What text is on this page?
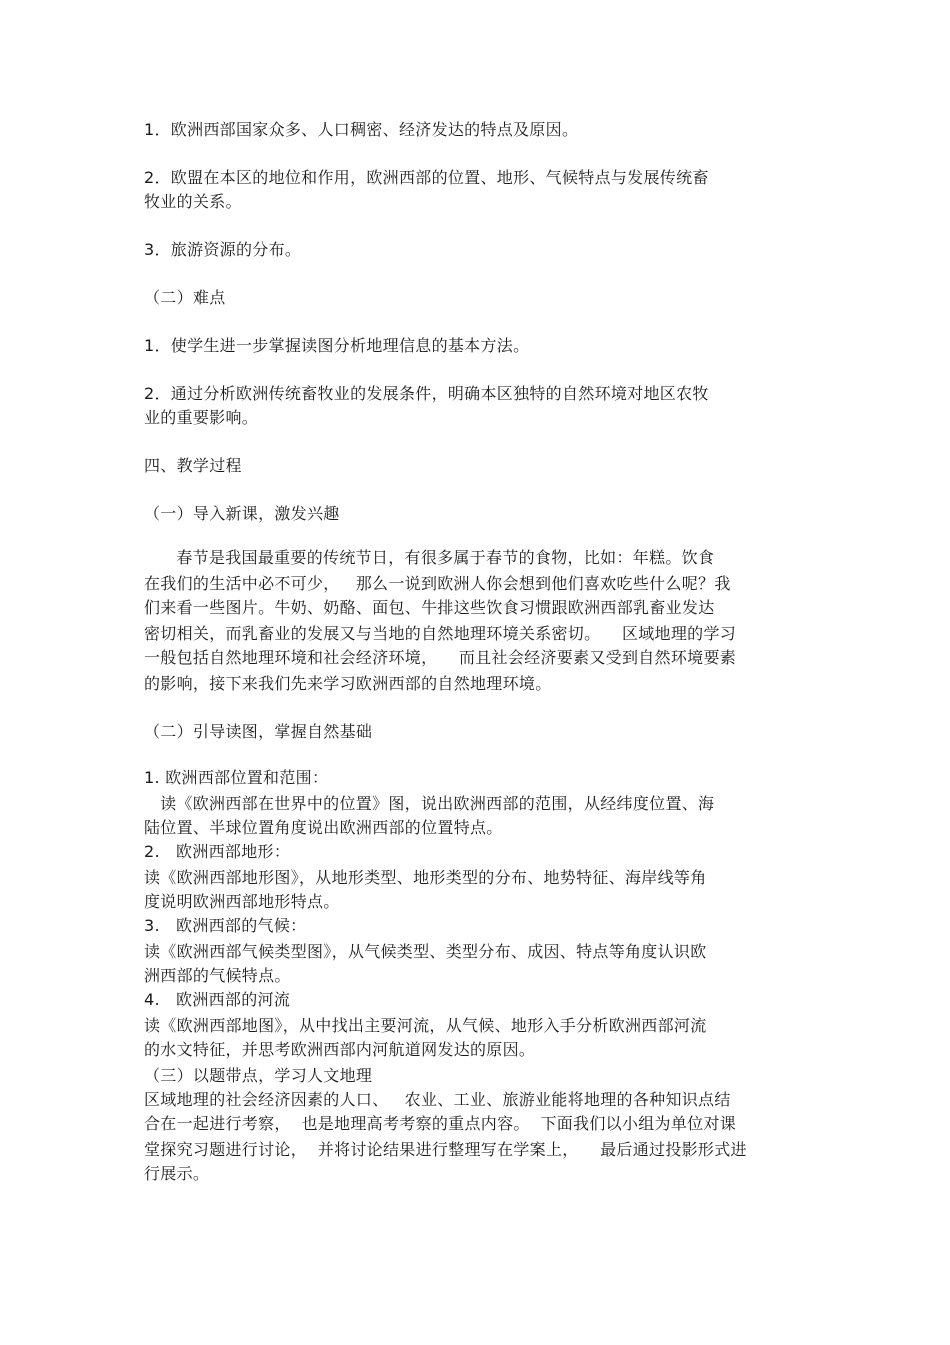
1．欧洲西部国家众多、人口稠密、经济发达的特点及原因。
2．欧盟在本区的地位和作用，欧洲西部的位置、地形、气候特点与发展传统畜
牧业的关系。
3．旅游资源的分布。
（二）难点
1．使学生进一步掌握读图分析地理信息的基本方法。
2．通过分析欧洲传统畜牧业的发展条件，明确本区独特的自然环境对地区农牧
业的重要影响。
四、教学过程
（一）导入新课，激发兴趣
春节是我国最重要的传统节日，有很多属于春节的食物，比如：年糕。饮食
在我们的生活中必不可少，   那么一说到欧洲人你会想到他们喜欢吃些什么呢？我
们来看一些图片。牛奶、奶酪、面包、牛排这些饮食习惯跟欧洲西部乳畜业发达
密切相关，而乳畜业的发展又与当地的自然地理环境关系密切。    区域地理的学习
一般包括自然地理环境和社会经济环境，    而且社会经济要素又受到自然环境要素
的影响，接下来我们先来学习欧洲西部的自然地理环境。
（二）引导读图，掌握自然基础
1. 欧洲西部位置和范围：
读《欧洲西部在世界中的位置》图，说出欧洲西部的范围，从经纬度位置、海
陆位置、半球位置角度说出欧洲西部的位置特点。
2.   欧洲西部地形：
读《欧洲西部地形图》，从地形类型、地形类型的分布、地势特征、海岸线等角
度说明欧洲西部地形特点。
3.   欧洲西部的气候：
读《欧洲西部气候类型图》，从气候类型、类型分布、成因、特点等角度认识欧
洲西部的气候特点。
4.   欧洲西部的河流
读《欧洲西部地图》，从中找出主要河流，从气候、地形入手分析欧洲西部河流
的水文特征，并思考欧洲西部内河航道网发达的原因。
（三）以题带点，学习人文地理
区域地理的社会经济因素的人口、   农业、工业、旅游业能将地理的各种知识点结
合在一起进行考察，  也是地理高考考察的重点内容。  下面我们以小组为单位对课
堂探究习题进行讨论，  并将讨论结果进行整理写在学案上，    最后通过投影形式进
行展示。
